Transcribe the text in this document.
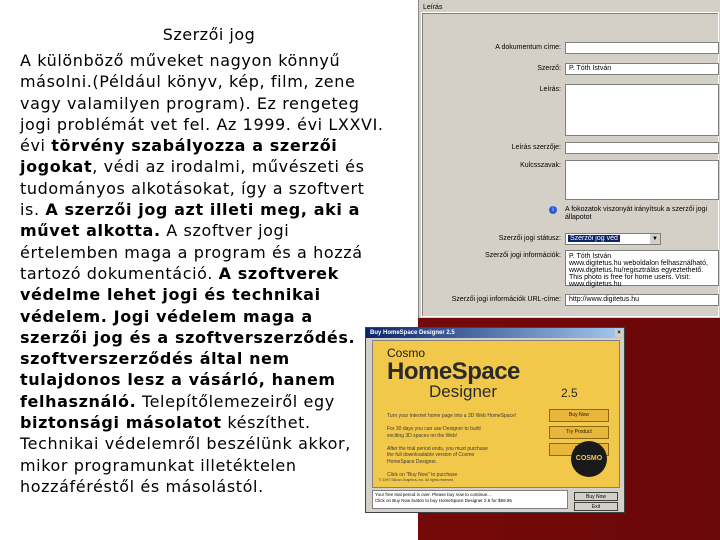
Szerzői jog
A különböző műveket nagyon könnyű
másolni.(Például könyv, kép, film, zene
vagy valamilyen program). Ez rengeteg
jogi problémát vet fel. Az 1999. évi LXXVI.
évi törvény szabályozza a szerzői
jogokat, védi az irodalmi, művészeti és
tudományos alkotásokat, így a szoftvert
is. A szerzői jog azt illeti meg, aki a
művet alkotta. A szoftver jogi
értelemben maga a program és a hozzá
tartozó dokumentáció. A szoftverek
védelme lehet jogi és technikai
védelem. Jogi védelem maga a
szerzői jog és a szoftverszerződés.
szoftverszerződés által nem
tulajdonos lesz a vásárló, hanem
felhasználó. Telepítőlemezeiről egy
biztonsági másolatot készíthet.
Technikai védelemről beszélünk akkor,
mikor programunkat illetéktelen
hozzáféréstől és másolástól.
Leírás
A dokumentum címe:
Szerző:	P. Tóth István
Leírás:
Leírás szerzője:
Kulcsszavak:
i	A fokozatok viszonyát irányítsuk a szerzői jogi állapotot
Szerzői jogi státusz:	Szerzői jog véd	▼
Szerzői jogi információk: P. Tóth István
www.digitetus.hu weboldalon felhasználható,
www.digitetus.hu/regisztrálás egyeztethető.
This photo is free for home users. Visit:
www.digitetus.hu
Szerzői jogi információk URL-címe:	http://www.digitetus.hu
Buy HomeSpace Designer 2.5	×
Cosmo
HomeSpace
Designer	2.5
Turn your Internet home page into a 3D Web HomeSpace!

For 30 days you can use Designer to build
exciting 3D spaces on the Web!

After the trial period ends, you must purchase
the full downloadable version of Cosmo
HomeSpace Designer.

Click on "Buy Now" to purchase
Buy Now
Try Product
COSMO
© 1997 Silicon Graphics, Inc. All rights reserved.
Your free trial period is over. Please buy now to continue...
Click on Buy Now button to buy HomeSpace Designer 2.5 for $69.95
Buy Now
Exit
